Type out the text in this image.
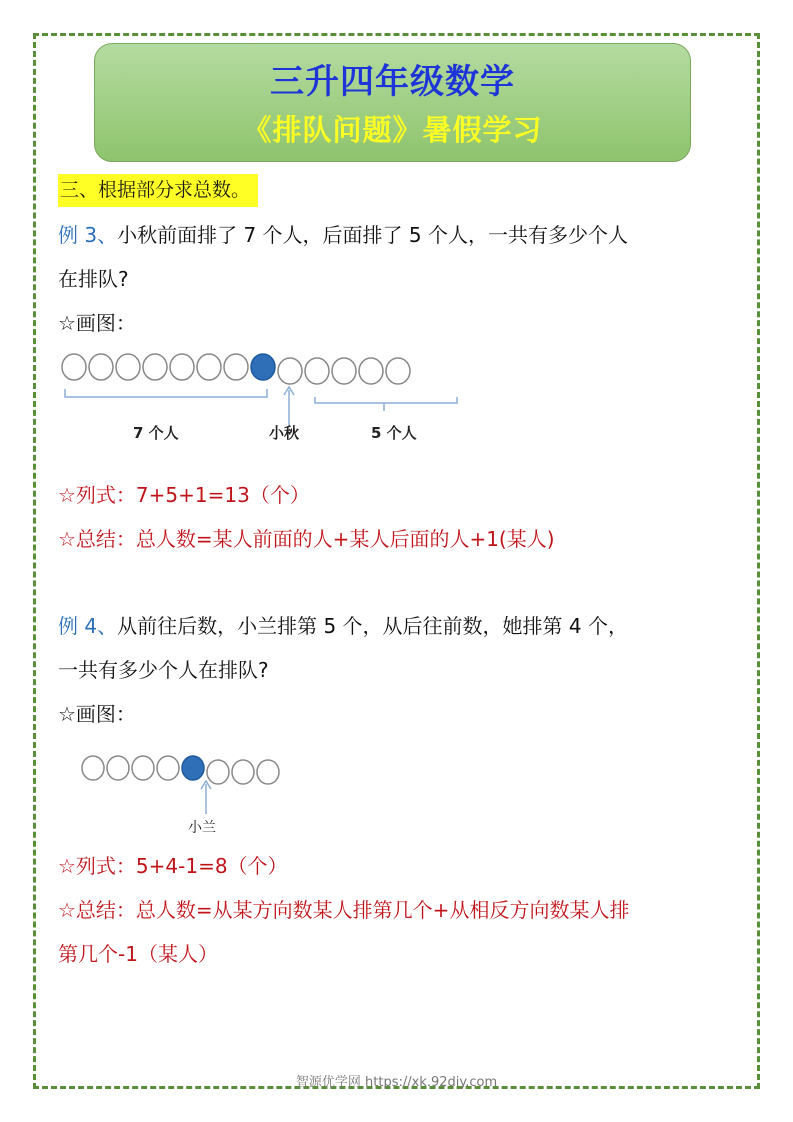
三升四年级数学
《排队问题》暑假学习
三、根据部分求总数。
例 3、小秋前面排了 7 个人，后面排了 5 个人，一共有多少个人
在排队?
☆画图：
7 个人	小秋	5 个人
☆列式：7+5+1=13（个）
☆总结：总人数=某人前面的人+某人后面的人+1(某人)
例 4、从前往后数，小兰排第 5 个，从后往前数，她排第 4 个，
一共有多少个人在排队?
☆画图：
小兰
☆列式：5+4-1=8（个）
☆总结：总人数=从某方向数某人排第几个+从相反方向数某人排
第几个-1（某人）
智源优学网 https://xk.92diy.com
